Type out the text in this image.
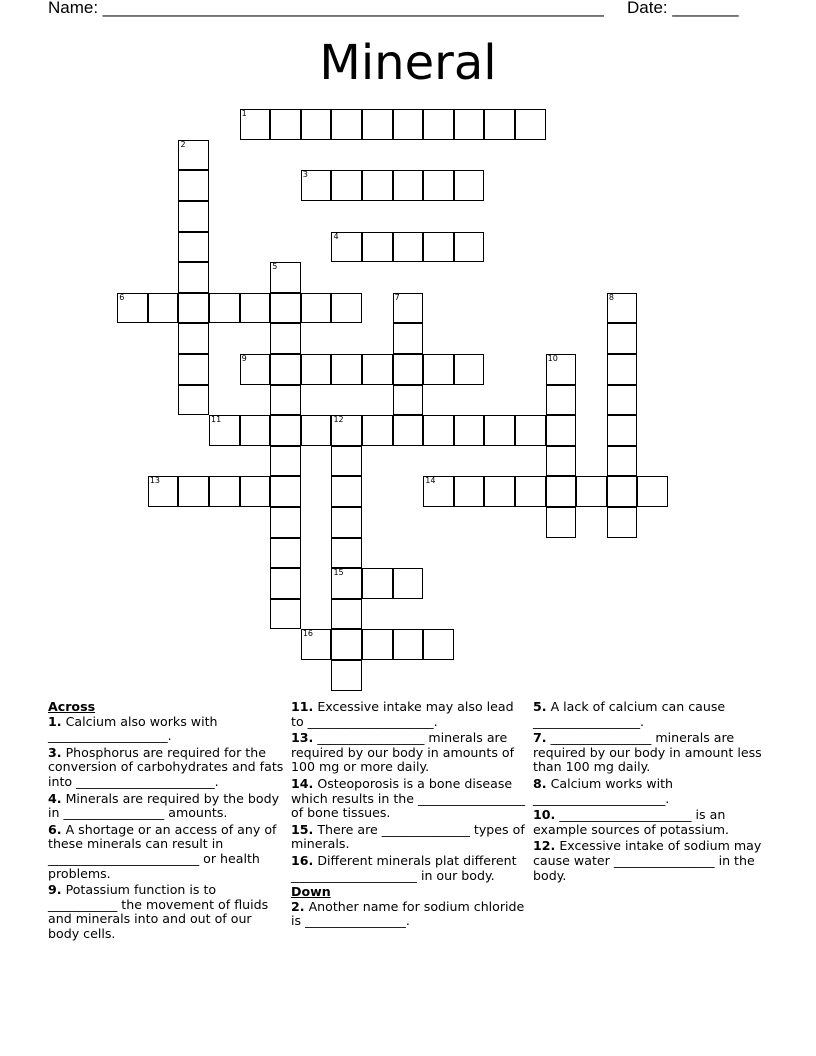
Name: _____________________________________________________ Date: _______
Mineral
1
2
3
4
5
6	7	8
9	10
11	12
13	14
15
16
Across
1. Calcium also works with ___________________.
3. Phosphorus are required for the conversion of carbohydrates and fats into ______________________.
4. Minerals are required by the body in ________________ amounts.
6. A shortage or an access of any of these minerals can result in ________________________ or health problems.
9. Potassium function is to ___________ the movement of fluids and minerals into and out of our body cells.
11. Excessive intake may also lead to ____________________.
13. _________________ minerals are required by our body in amounts of 100 mg or more daily.
14. Osteoporosis is a bone disease which results in the _________________ of bone tissues.
15. There are ______________ types of minerals.
16. Different minerals plat different ____________________ in our body.
Down
2. Another name for sodium chloride is ________________.
5. A lack of calcium can cause _________________.
7. ________________ minerals are required by our body in amount less than 100 mg daily.
8. Calcium works with _____________________.
10. _____________________ is an example sources of potassium.
12. Excessive intake of sodium may cause water ________________ in the body.
